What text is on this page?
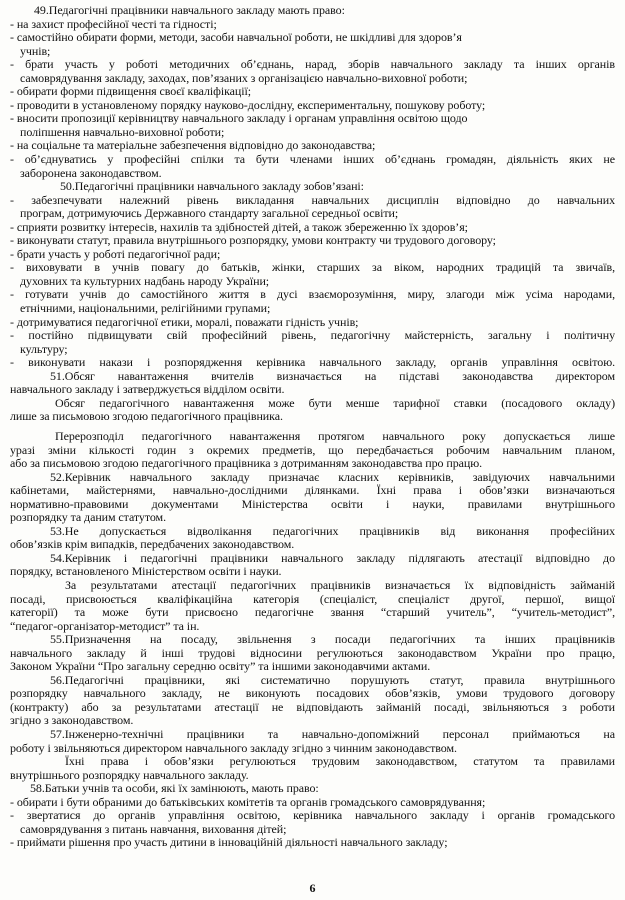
49.Педагогічні працівники навчального закладу мають право:
- на захист професійної честі та гідності;
- самостійно обирати форми, методи, засоби навчальної роботи, не шкідливі для здоров’я
учнів;
- брати участь у роботі методичних об’єднань, нарад, зборів навчального закладу та інших органів
самоврядування закладу, заходах, пов’язаних з організацією навчально-виховної роботи;
- обирати форми підвищення своєї кваліфікації;
- проводити в установленому порядку науково-дослідну, експериментальну, пошукову роботу;
- вносити пропозиції керівництву навчального закладу і органам управління освітою щодо
поліпшення навчально-виховної роботи;
- на соціальне та матеріальне забезпечення відповідно до законодавства;
- об’єднуватись у професійні спілки та бути членами інших об’єднань громадян, діяльність яких не
заборонена законодавством.
50.Педагогічні працівники навчального закладу зобов’язані:
- забезпечувати належний рівень викладання навчальних дисциплін відповідно до навчальних
програм, дотримуючись Державного стандарту загальної середньої освіти;
- сприяти розвитку інтересів, нахилів та здібностей дітей, а також збереженню їх здоров’я;
- виконувати статут, правила внутрішнього розпорядку, умови контракту чи трудового договору;
- брати участь у роботі педагогічної ради;
- виховувати в учнів повагу до батьків, жінки, старших за віком, народних традицій та звичаїв,
духовних та культурних надбань народу України;
- готувати учнів до самостійного життя в дусі взаєморозуміння, миру, злагоди між усіма народами,
етнічними, національними, релігійними групами;
- дотримуватися педагогічної етики, моралі, поважати гідність учнів;
- постійно підвищувати свій професійний рівень, педагогічну майстерність, загальну і політичну
культуру;
- виконувати накази і розпорядження керівника навчального закладу, органів управління освітою.
51.Обсяг навантаження вчителів визначається на підставі законодавства директором
навчального закладу і затверджується відділом освіти.
Обсяг педагогічного навантаження може бути менше тарифної ставки (посадового окладу)
лише за письмовою згодою педагогічного працівника.
Перерозподіл педагогічного навантаження протягом навчального року допускається лише
уразі зміни кількості годин з окремих предметів, що передбачається робочим навчальним планом,
або за письмовою згодою педагогічного працівника з дотриманням законодавства про працю.
52.Керівник навчального закладу призначає класних керівників, завідуючих навчальними
кабінетами, майстернями, навчально-дослідними ділянками. Їхні права і обов’язки визначаються
нормативно-правовими документами Міністерства освіти і науки, правилами внутрішнього
розпорядку та даним статутом.
53.Не допускається відволікання педагогічних працівників від виконання професійних
обов’язків крім випадків, передбачених законодавством.
54.Керівник і педагогічні працівники навчального закладу підлягають атестації відповідно до
порядку, встановленого Міністерством освіти і науки.
За результатами атестації педагогічних працівників визначається їх відповідність займаній
посаді, присвоюється кваліфікаційна категорія (спеціаліст, спеціаліст другої, першої, вищої
категорії) та може бути присвоєно педагогічне звання “старший учитель”, “учитель-методист”,
“педагог-організатор-методист” та ін.
55.Призначення на посаду, звільнення з посади педагогічних та інших працівників
навчального закладу й інші трудові відносини регулюються законодавством України про працю,
Законом України “Про загальну середню освіту” та іншими законодавчими актами.
56.Педагогічні працівники, які систематично порушують статут, правила внутрішнього
розпорядку навчального закладу, не виконують посадових обов’язків, умови трудового договору
(контракту) або за результатами атестації не відповідають займаній посаді, звільняються з роботи
згідно з законодавством.
57.Інженерно-технічні працівники та навчально-допоміжний персонал приймаються на
роботу і звільняються директором навчального закладу згідно з чинним законодавством.
Їхні права і обов’язки регулюються трудовим законодавством, статутом та правилами
внутрішнього розпорядку навчального закладу.
58.Батьки учнів та особи, які їх замінюють, мають право:
- обирати і бути обраними до батьківських комітетів та органів громадського самоврядування;
- звертатися до органів управління освітою, керівника навчального закладу і органів громадського
самоврядування з питань навчання, виховання дітей;
- приймати рішення про участь дитини в інноваційній діяльності навчального закладу;
6
